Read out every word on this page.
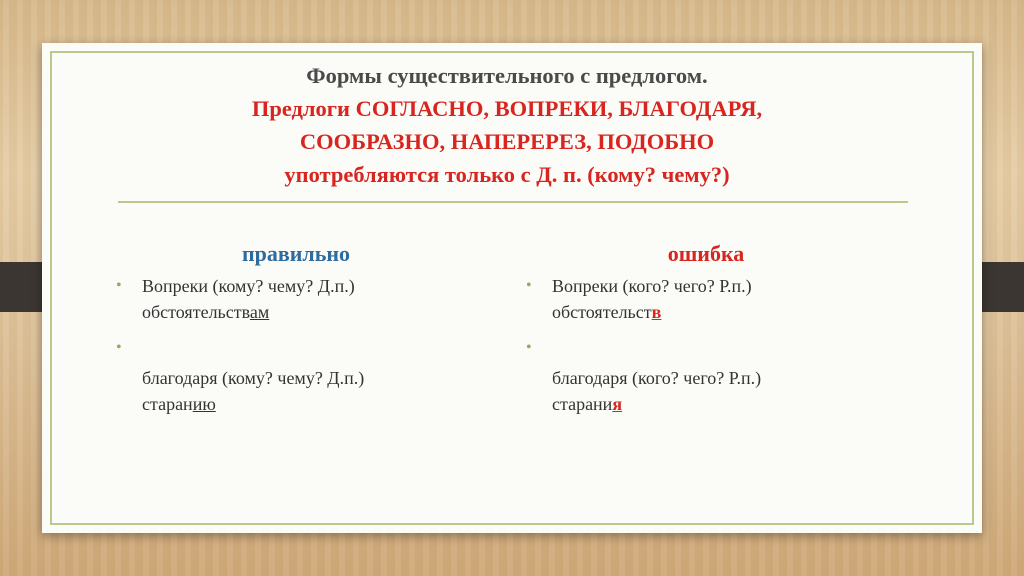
Формы существительного с предлогом.
Предлоги СОГЛАСНО, ВОПРЕКИ, БЛАГОДАРЯ,
СООБРАЗНО, НАПЕРЕРЕЗ, ПОДОБНО
употребляются только с Д. п. (кому? чему?)
правильно
• Вопреки (кому? чему? Д.п.)
обстоятельствам
•
благодаря (кому? чему? Д.п.)
старанию
ошибка
• Вопреки (кого? чего? Р.п.)
обстоятельств
•
благодаря (кого? чего? Р.п.)
старания
